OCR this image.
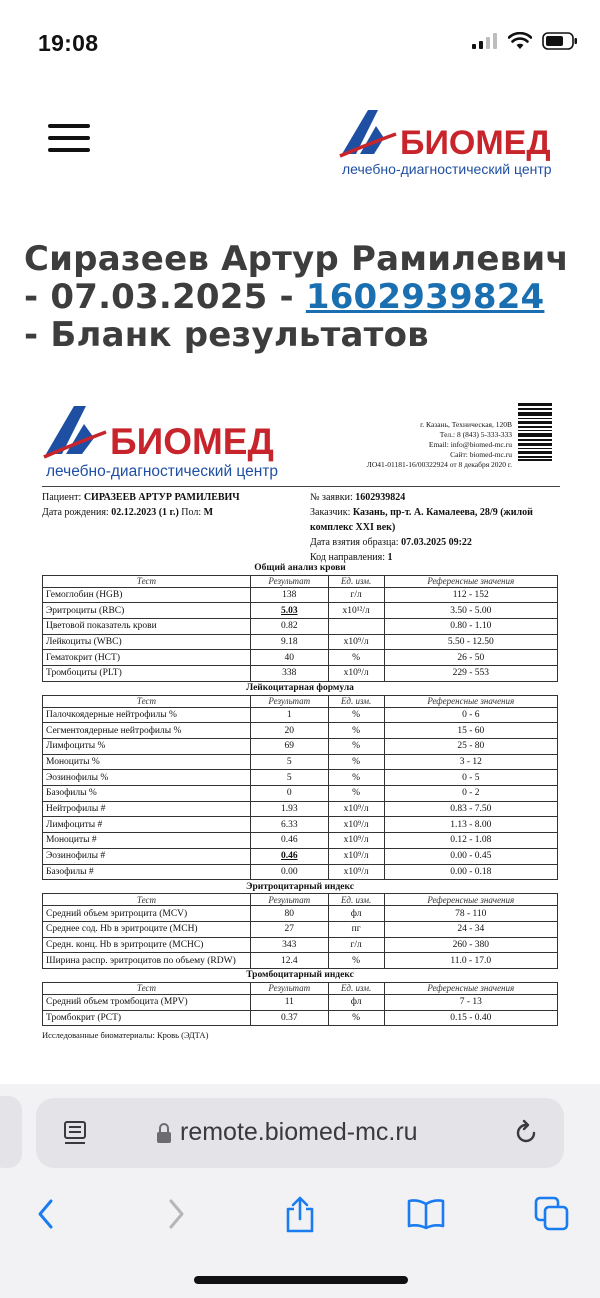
19:08
БИОМЕД
лечебно-диагностический центр
Сиразеев Артур Рамилевич
- 07.03.2025 - 1602939824
- Бланк результатов
БИОМЕД
лечебно-диагностический центр
г. Казань, Техническая, 120В
Тел.: 8 (843) 5-333-333
Email: info@biomed-mc.ru
Сайт: biomed-mc.ru
ЛО41-01181-16/00322924 от 8 декабря 2020 г.
Пациент: СИРАЗЕЕВ АРТУР РАМИЛЕВИЧ
Дата рождения: 02.12.2023 (1 г.) Пол: М
№ заявки: 1602939824
Заказчик: Казань, пр-т. А. Камалеева, 28/9 (жилой комплекс XXI век)
Дата взятия образца: 07.03.2025 09:22
Код направления: 1
Общий анализ крови			
Тест	Результат	Ед. изм.	Референсные значения
Гемоглобин (HGB)	138	г/л	112 - 152
Эритроциты (RBC)	5.03	x10¹²/л	3.50 - 5.00
Цветовой показатель крови	0.82		0.80 - 1.10
Лейкоциты (WBC)	9.18	x10⁹/л	5.50 - 12.50
Гематокрит (HCT)	40	%	26 - 50
Тромбоциты (PLT)	338	x10⁹/л	229 - 553
Лейкоцитарная формула			
Тест	Результат	Ед. изм.	Референсные значения
Палочкоядерные нейтрофилы %	1	%	0 - 6
Сегментоядерные нейтрофилы %	20	%	15 - 60
Лимфоциты %	69	%	25 - 80
Моноциты %	5	%	3 - 12
Эозинофилы %	5	%	0 - 5
Базофилы %	0	%	0 - 2
Нейтрофилы #	1.93	x10⁹/л	0.83 - 7.50
Лимфоциты #	6.33	x10⁹/л	1.13 - 8.00
Моноциты #	0.46	x10⁹/л	0.12 - 1.08
Эозинофилы #	0.46	x10⁹/л	0.00 - 0.45
Базофилы #	0.00	x10⁹/л	0.00 - 0.18
Эритроцитарный индекс			
Тест	Результат	Ед. изм.	Референсные значения
Средний объем эритроцита (MCV)	80	фл	78 - 110
Среднее сод. Hb в эритроците (MCH)	27	пг	24 - 34
Средн. конц. Hb в эритроците (MCHC)	343	г/л	260 - 380
Ширина распр. эритроцитов по объему (RDW)	12.4	%	11.0 - 17.0
Тромбоцитарный индекс			
Тест	Результат	Ед. изм.	Референсные значения
Средний объем тромбоцита (MPV)	11	фл	7 - 13
Тромбокрит (PCT)	0.37	%	0.15 - 0.40
Исследованные биоматериалы: Кровь (ЭДТА)
remote.biomed-mc.ru
